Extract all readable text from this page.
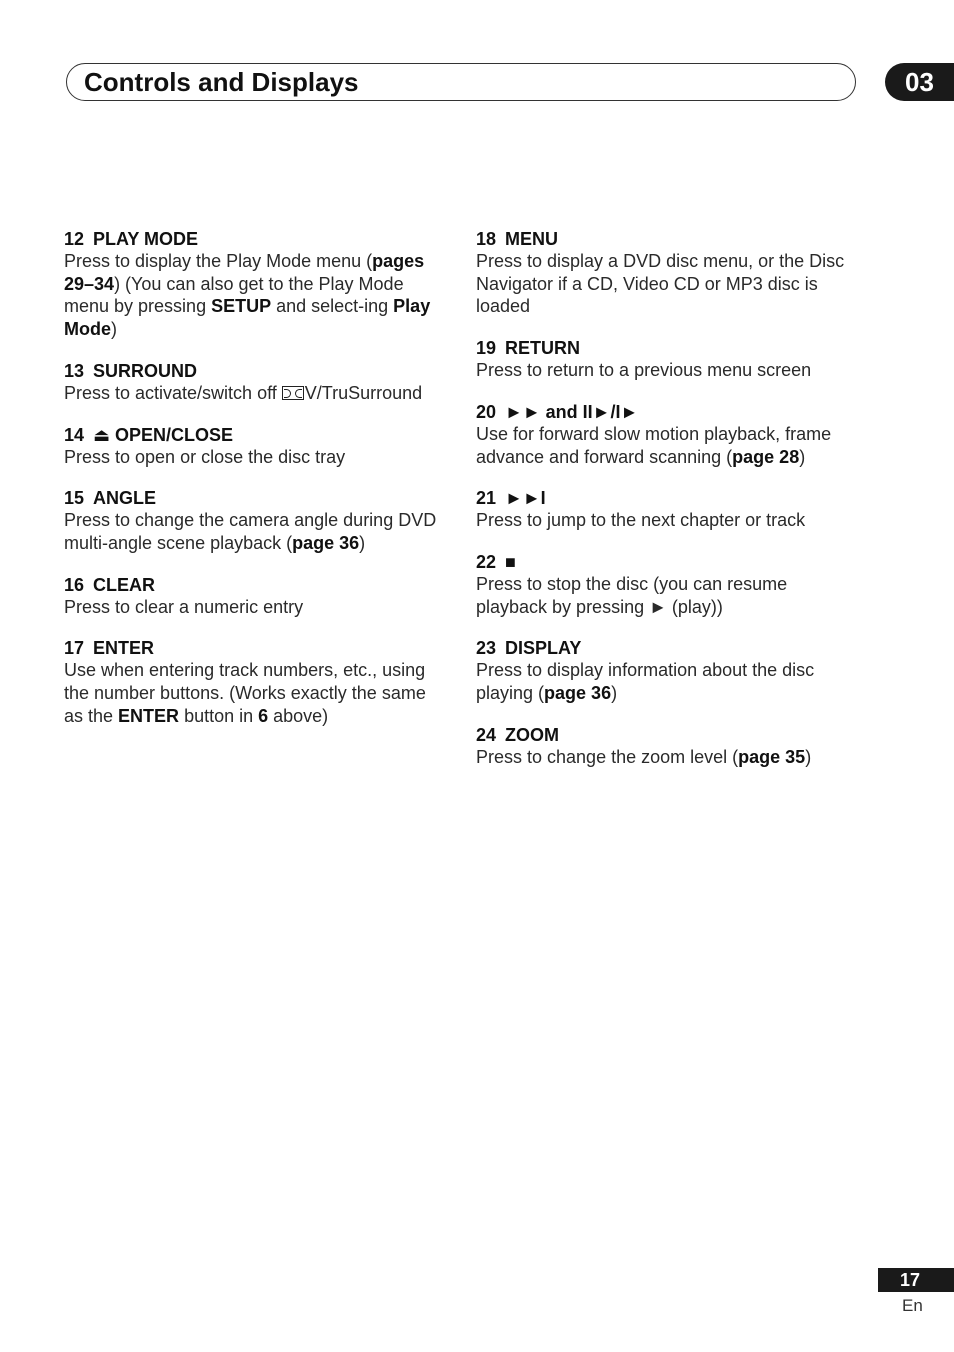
Controls and Displays	03
12 PLAY MODE
Press to display the Play Mode menu (pages 29–34) (You can also get to the Play Mode menu by pressing SETUP and select-ing Play Mode)
13 SURROUND
Press to activate/switch off V/TruSurround
14 ⏏ OPEN/CLOSE
Press to open or close the disc tray
15 ANGLE
Press to change the camera angle during DVD multi-angle scene playback (page 36)
16 CLEAR
Press to clear a numeric entry
17 ENTER
Use when entering track numbers, etc., using the number buttons. (Works exactly the same as the ENTER button in 6 above)
18 MENU
Press to display a DVD disc menu, or the Disc Navigator if a CD, Video CD or MP3 disc is loaded
19 RETURN
Press to return to a previous menu screen
20 ►► and II►/I►
Use for forward slow motion playback, frame advance and forward scanning (page 28)
21 ►►I
Press to jump to the next chapter or track
22 ■
Press to stop the disc (you can resume playback by pressing ► (play))
23 DISPLAY
Press to display information about the disc playing (page 36)
24 ZOOM
Press to change the zoom level (page 35)
17
En
